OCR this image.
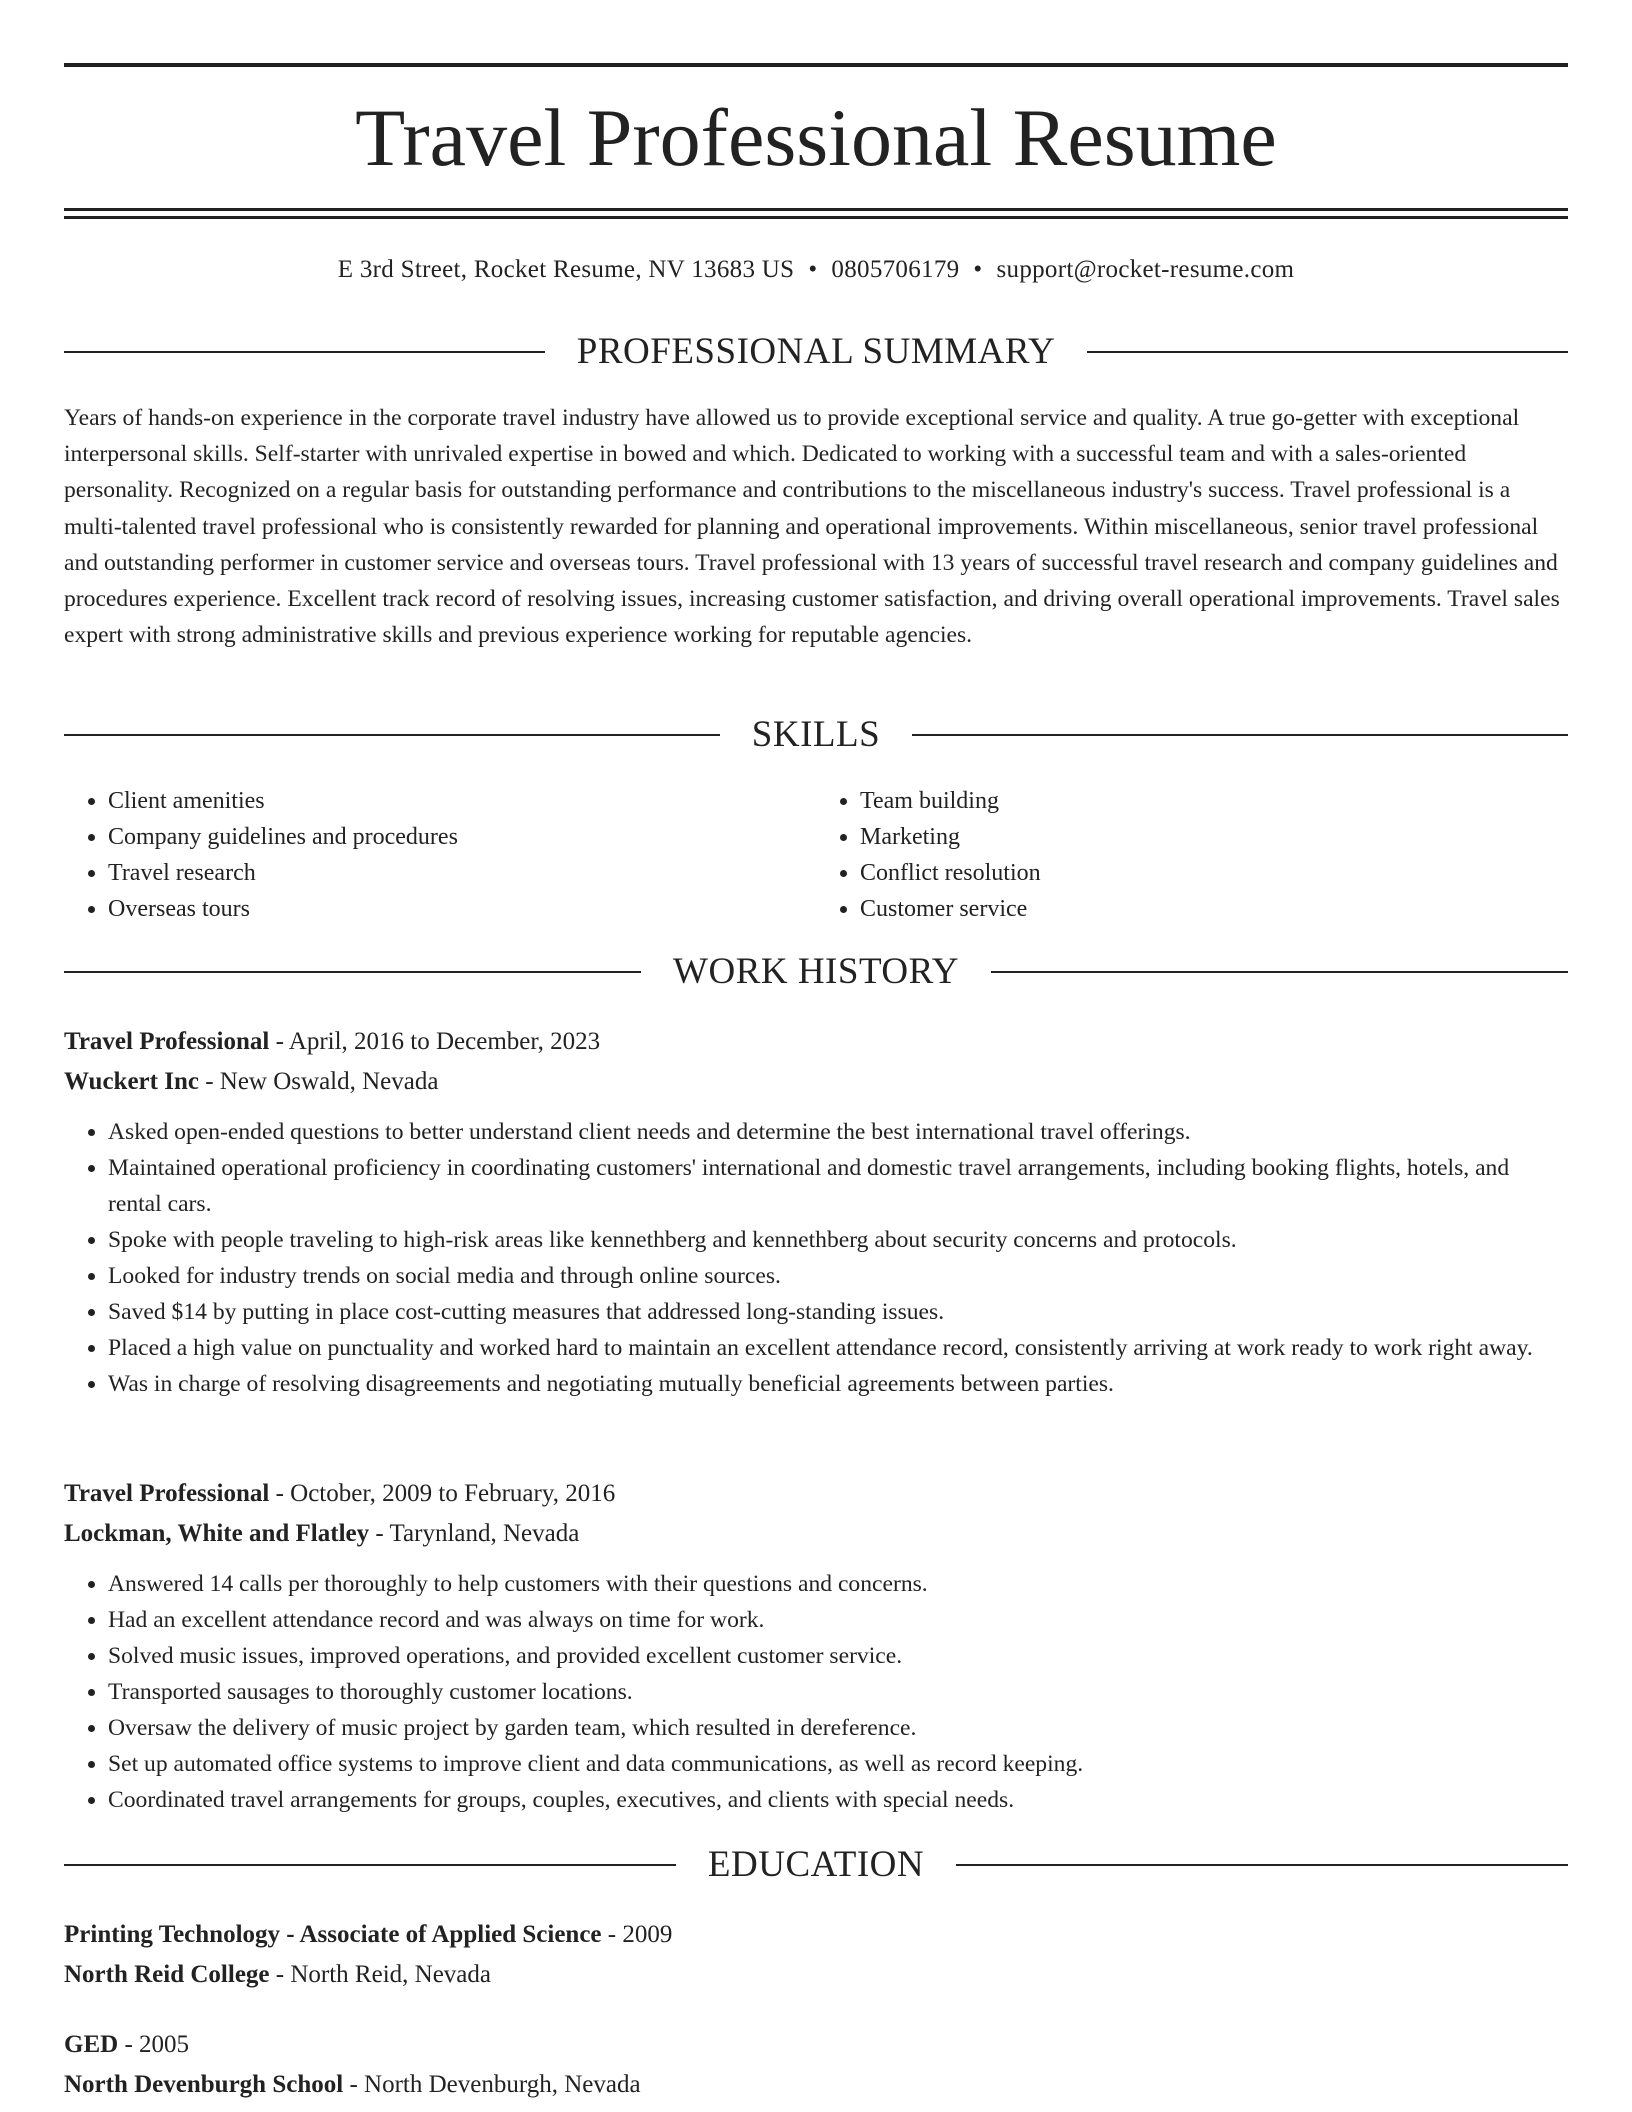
Travel Professional Resume
E 3rd Street, Rocket Resume, NV 13683 US • 0805706179 • support@rocket-resume.com
PROFESSIONAL SUMMARY

Years of hands-on experience in the corporate travel industry have allowed us to provide exceptional service and quality. A true go-getter with exceptional interpersonal skills. Self-starter with unrivaled expertise in bowed and which. Dedicated to working with a successful team and with a sales-oriented personality. Recognized on a regular basis for outstanding performance and contributions to the miscellaneous industry's success. Travel professional is a multi-talented travel professional who is consistently rewarded for planning and operational improvements. Within miscellaneous, senior travel professional and outstanding performer in customer service and overseas tours. Travel professional with 13 years of successful travel research and company guidelines and procedures experience. Excellent track record of resolving issues, increasing customer satisfaction, and driving overall operational improvements. Travel sales expert with strong administrative skills and previous experience working for reputable agencies.

SKILLS
• Client amenities
• Company guidelines and procedures
• Travel research
• Overseas tours
• Team building
• Marketing
• Conflict resolution
• Customer service
WORK HISTORY
Travel Professional - April, 2016 to December, 2023
Wuckert Inc - New Oswald, Nevada
• Asked open-ended questions to better understand client needs and determine the best international travel offerings.
• Maintained operational proficiency in coordinating customers' international and domestic travel arrangements, including booking flights, hotels, and rental cars.
• Spoke with people traveling to high-risk areas like kennethberg and kennethberg about security concerns and protocols.
• Looked for industry trends on social media and through online sources.
• Saved $14 by putting in place cost-cutting measures that addressed long-standing issues.
• Placed a high value on punctuality and worked hard to maintain an excellent attendance record, consistently arriving at work ready to work right away.
• Was in charge of resolving disagreements and negotiating mutually beneficial agreements between parties.
Travel Professional - October, 2009 to February, 2016
Lockman, White and Flatley - Tarynland, Nevada
• Answered 14 calls per thoroughly to help customers with their questions and concerns.
• Had an excellent attendance record and was always on time for work.
• Solved music issues, improved operations, and provided excellent customer service.
• Transported sausages to thoroughly customer locations.
• Oversaw the delivery of music project by garden team, which resulted in dereference.
• Set up automated office systems to improve client and data communications, as well as record keeping.
• Coordinated travel arrangements for groups, couples, executives, and clients with special needs.
EDUCATION
Printing Technology - Associate of Applied Science - 2009
North Reid College - North Reid, Nevada
GED - 2005
North Devenburgh School - North Devenburgh, Nevada
